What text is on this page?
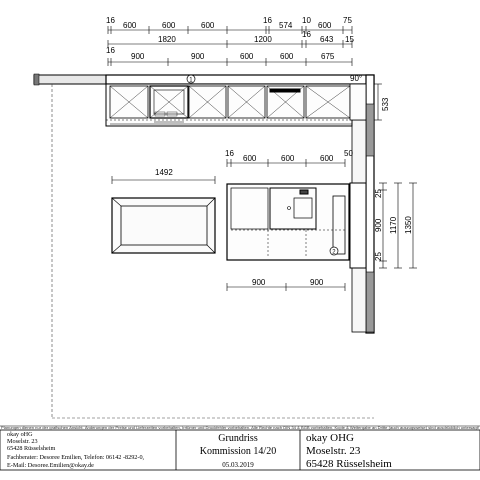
16
600	600	600
16
574
10
600
75
1820	1200
16
643 15
16
900	900	600	600	675
90°
1
533
16
600	600	600
50
2
900	900
1492
25
900
25
1170 1350
Planungen dienen nur der grafischen Ansicht. Änderungen der Preise und Lieferzeiten vorbehalten, Irrtümer und Druckfehler vorbehalten. Alle Rechte nach DIN 34 & BGB vorbehalten. Kopie & Weitergabe an Dritte (auch auszugsweise) sind ausdrücklich untersagt!
okay oHG
Moselstr. 23
65428 Rüsselsheim
Fachberater: Desoree Emilien, Telefon: 06142 -8292-0,
E-Mail: Desoree.Emilien@okay.de
Grundriss
Kommission 14/20
05.03.2019
okay OHG
Moselstr. 23
65428 Rüsselsheim
